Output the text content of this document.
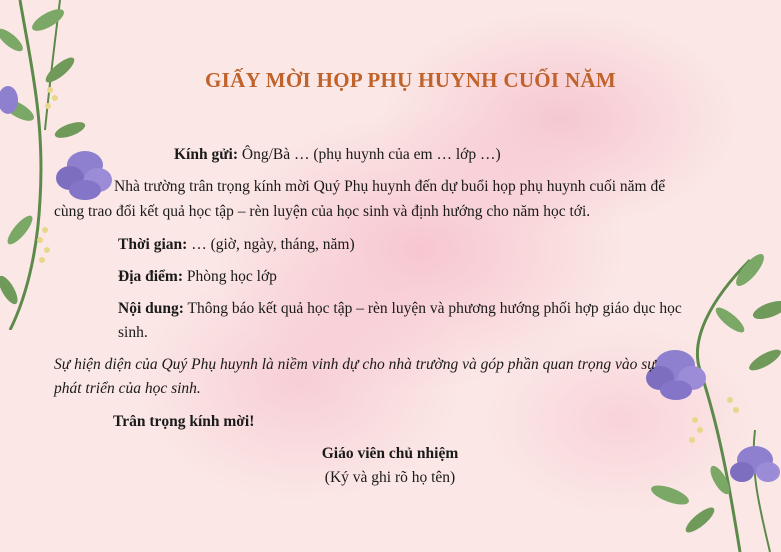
GIẤY MỜI HỌP PHỤ HUYNH CUỐI NĂM
Kính gửi: Ông/Bà … (phụ huynh của em … lớp …)
Nhà trường trân trọng kính mời Quý Phụ huynh đến dự buổi họp phụ huynh cuối năm để
cùng trao đổi kết quả học tập – rèn luyện của học sinh và định hướng cho năm học tới.
Thời gian: … (giờ, ngày, tháng, năm)
Địa điểm: Phòng học lớp
Nội dung: Thông báo kết quả học tập – rèn luyện và phương hướng phối hợp giáo dục học
sinh.
Sự hiện diện của Quý Phụ huynh là niềm vinh dự cho nhà trường và góp phần quan trọng vào sự
phát triển của học sinh.
Trân trọng kính mời!
Giáo viên chủ nhiệm
(Ký và ghi rõ họ tên)
